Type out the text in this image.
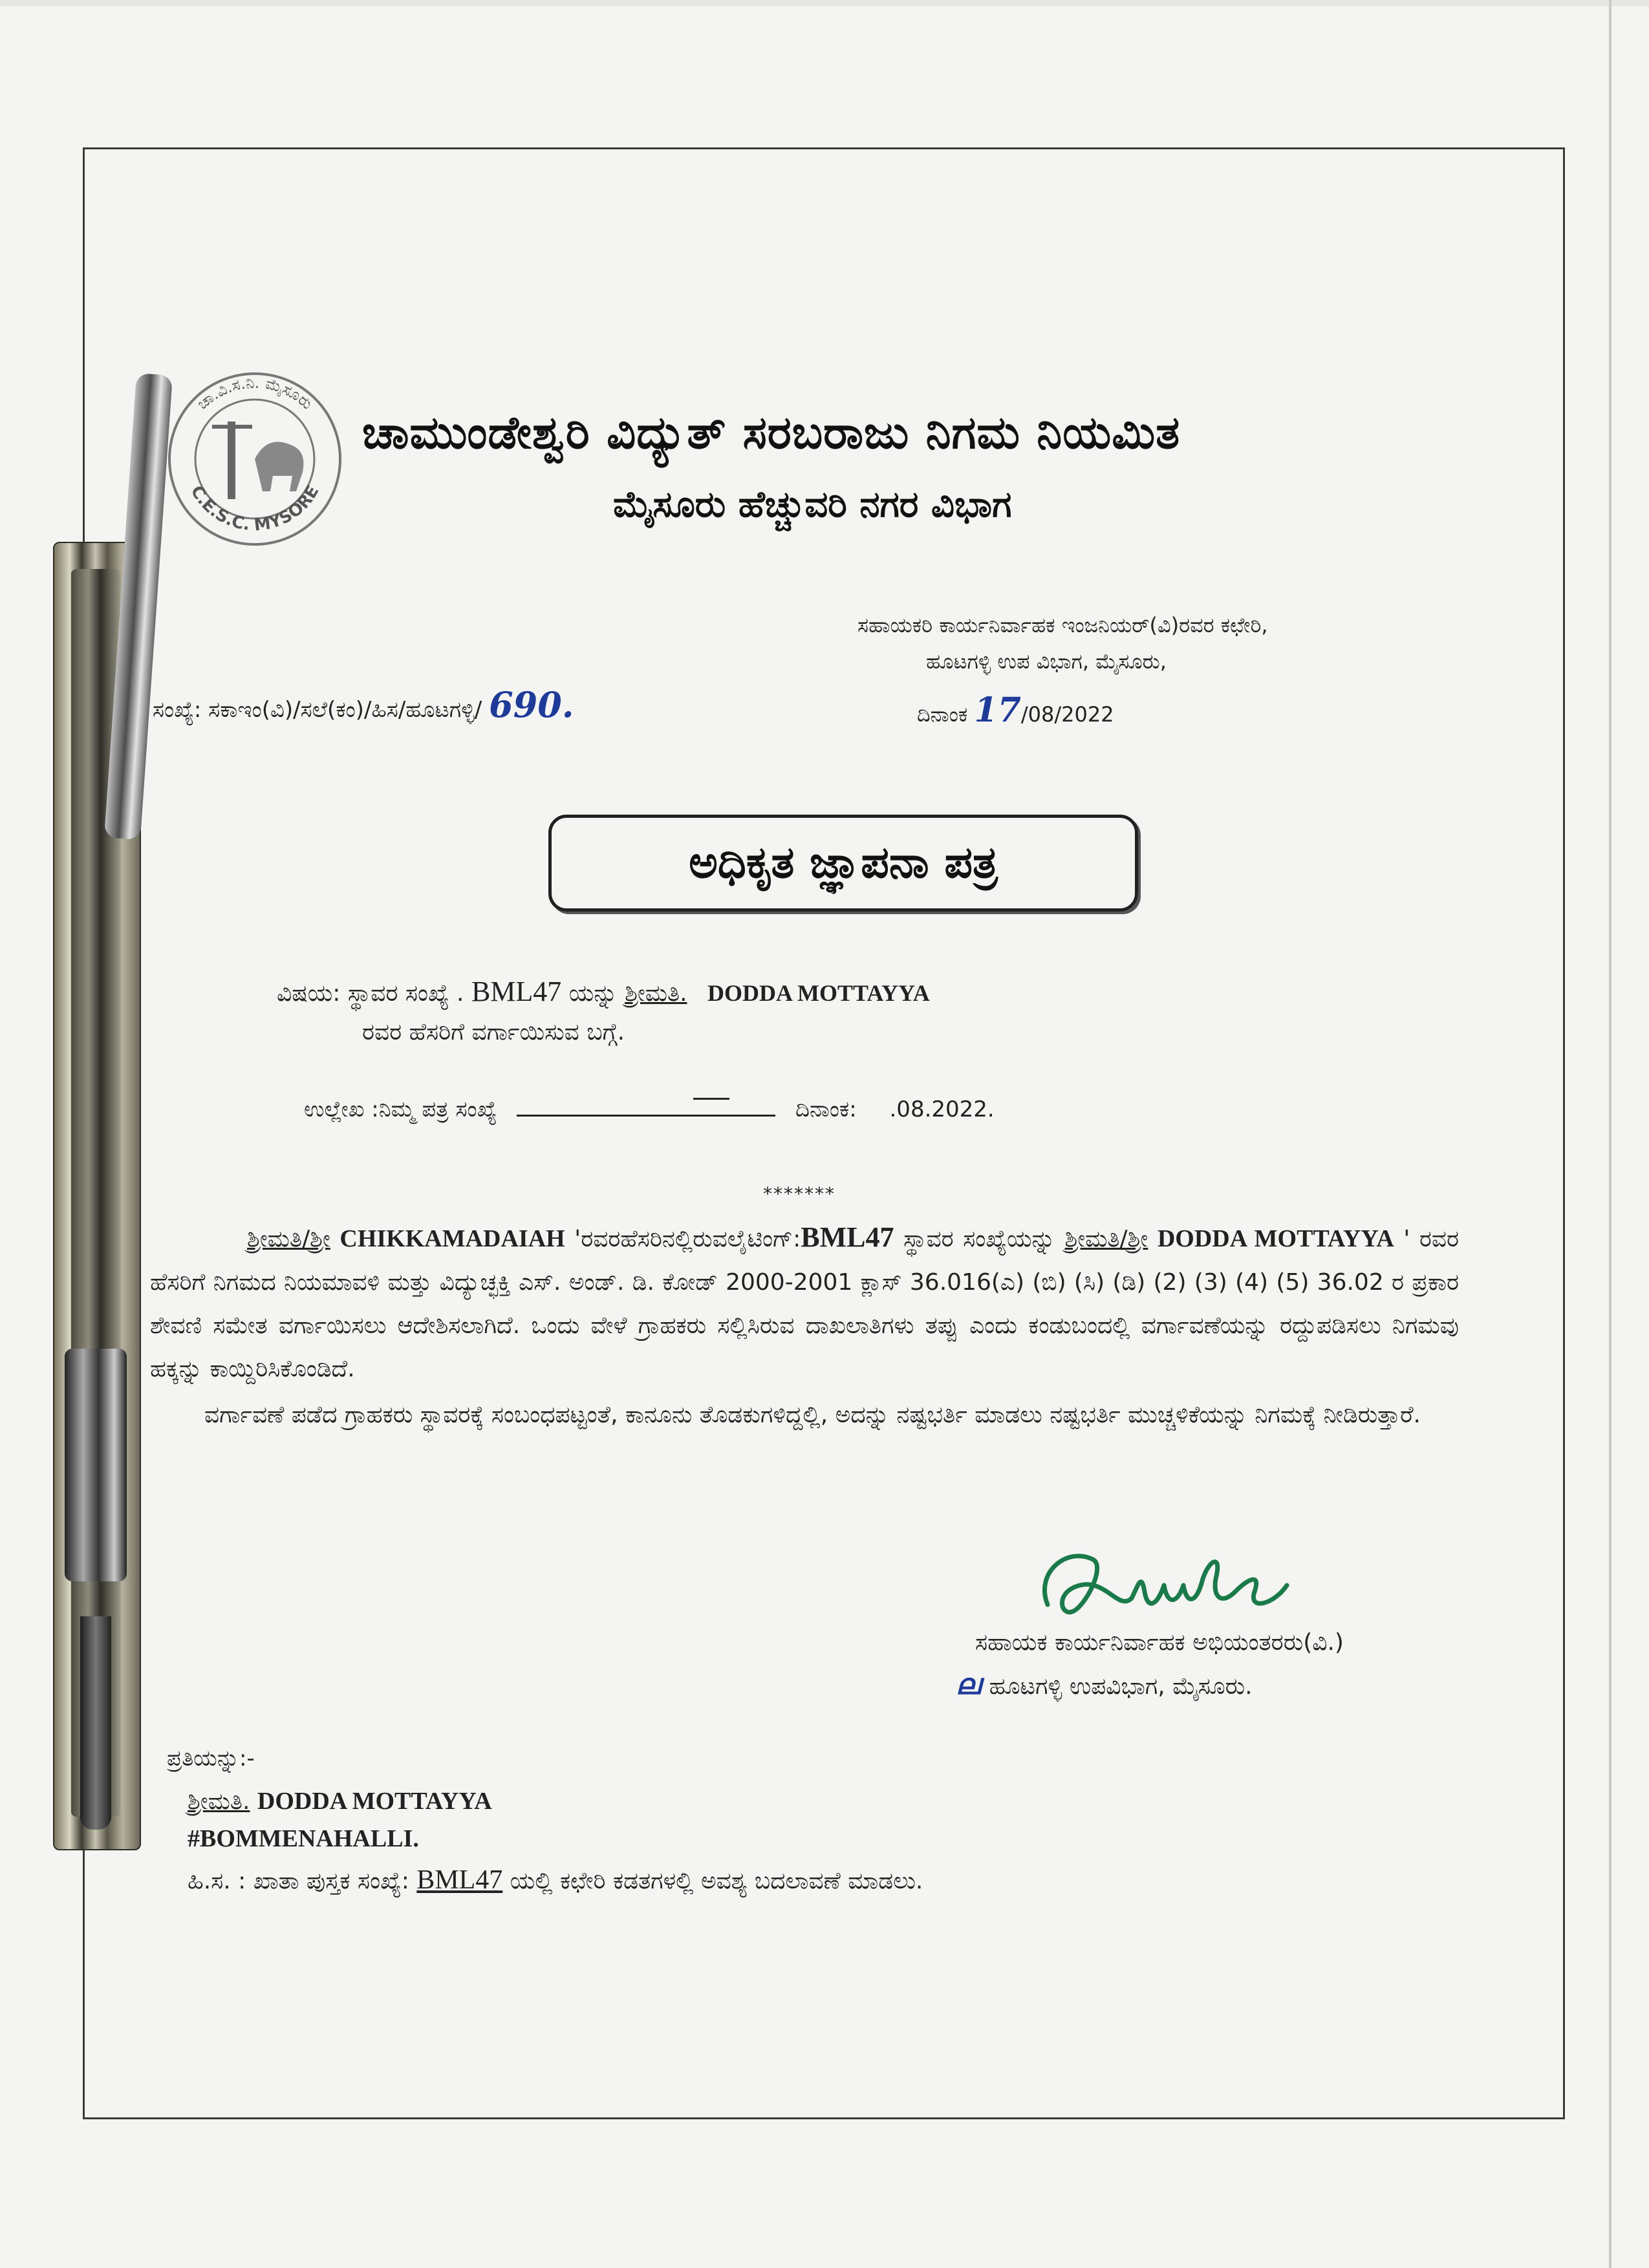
ಚಾ.ವಿ.ಸ.ನಿ. ಮೈಸೂರು
C.E.S.C. MYSORE
ಚಾಮುಂಡೇಶ್ವರಿ ವಿದ್ಯುತ್ ಸರಬರಾಜು ನಿಗಮ ನಿಯಮಿತ
ಮೈಸೂರು ಹೆಚ್ಚುವರಿ ನಗರ ವಿಭಾಗ
ಸಹಾಯಕರಿ ಕಾರ್ಯನಿರ್ವಾಹಕ ಇಂಜನಿಯರ್(ವಿ)ರವರ ಕಛೇರಿ,
ಹೂಟಗಳ್ಳಿ ಉಪ ವಿಭಾಗ, ಮೈಸೂರು,
ದಿನಾಂಕ 17/08/2022
ಸಂಖ್ಯೆ: ಸಕಾಇಂ(ವಿ)/ಸಲೆ(ಕಂ)/ಹಿಸ/ಹೂಟಗಳ್ಳಿ/ 690.
ಅಧಿಕೃತ ಜ್ಞಾಪನಾ ಪತ್ರ
ವಿಷಯ: ಸ್ಥಾವರ ಸಂಖ್ಯೆ . BML47 ಯನ್ನು ಶ್ರೀಮತಿ. DODDA MOTTAYYA
ರವರ ಹೆಸರಿಗೆ ವರ್ಗಾಯಿಸುವ ಬಗ್ಗೆ.
ಉಲ್ಲೇಖ :ನಿಮ್ಮ ಪತ್ರ ಸಂಖ್ಯೆ	ದಿನಾಂಕ: .08.2022.
*******
ಶ್ರೀಮತಿ/ಶ್ರೀ CHIKKAMADAIAH 'ರವರಹೆಸರಿನಲ್ಲಿರುವಲೈಟಿಂಗ್:BML47 ಸ್ಥಾವರ ಸಂಖ್ಯೆಯನ್ನು ಶ್ರೀಮತಿ/ಶ್ರೀ DODDA MOTTAYYA ' ರವರ ಹೆಸರಿಗೆ ನಿಗಮದ ನಿಯಮಾವಳಿ ಮತ್ತು ವಿದ್ಯುಚ್ಛಕ್ತಿ ಎಸ್. ಅಂಡ್. ಡಿ. ಕೋಡ್ 2000-2001 ಕ್ಲಾಸ್ 36.016(ಎ) (ಬಿ) (ಸಿ) (ಡಿ) (2) (3) (4) (5) 36.02 ರ ಪ್ರಕಾರ ಶೇವಣಿ ಸಮೇತ ವರ್ಗಾಯಿಸಲು ಆದೇಶಿಸಲಾಗಿದೆ. ಒಂದು ವೇಳೆ ಗ್ರಾಹಕರು ಸಲ್ಲಿಸಿರುವ ದಾಖಲಾತಿಗಳು ತಪ್ಪು ಎಂದು ಕಂಡುಬಂದಲ್ಲಿ ವರ್ಗಾವಣೆಯನ್ನು ರದ್ದುಪಡಿಸಲು ನಿಗಮವು ಹಕ್ಕನ್ನು ಕಾಯ್ದಿರಿಸಿಕೊಂಡಿದೆ.
ವರ್ಗಾವಣೆ ಪಡೆದ ಗ್ರಾಹಕರು ಸ್ಥಾವರಕ್ಕೆ ಸಂಬಂಧಪಟ್ಟಂತೆ, ಕಾನೂನು ತೊಡಕುಗಳಿದ್ದಲ್ಲಿ, ಅದನ್ನು ನಷ್ಟಭರ್ತಿ ಮಾಡಲು ನಷ್ಟಭರ್ತಿ ಮುಚ್ಚಳಿಕೆಯನ್ನು ನಿಗಮಕ್ಕೆ ನೀಡಿರುತ್ತಾರೆ.
ಸಹಾಯಕ ಕಾರ್ಯನಿರ್ವಾಹಕ ಅಭಿಯಂತರರು(ವಿ.)
ല ಹೂಟಗಳ್ಳಿ ಉಪವಿಭಾಗ, ಮೈಸೂರು.
ಪ್ರತಿಯನ್ನು:-
ಶ್ರೀಮತಿ. DODDA MOTTAYYA
#BOMMENAHALLI.
ಹಿ.ಸ. : ಖಾತಾ ಪುಸ್ತಕ ಸಂಖ್ಯೆ: BML47 ಯಲ್ಲಿ ಕಛೇರಿ ಕಡತಗಳಲ್ಲಿ ಅವಶ್ಯ ಬದಲಾವಣೆ ಮಾಡಲು.
